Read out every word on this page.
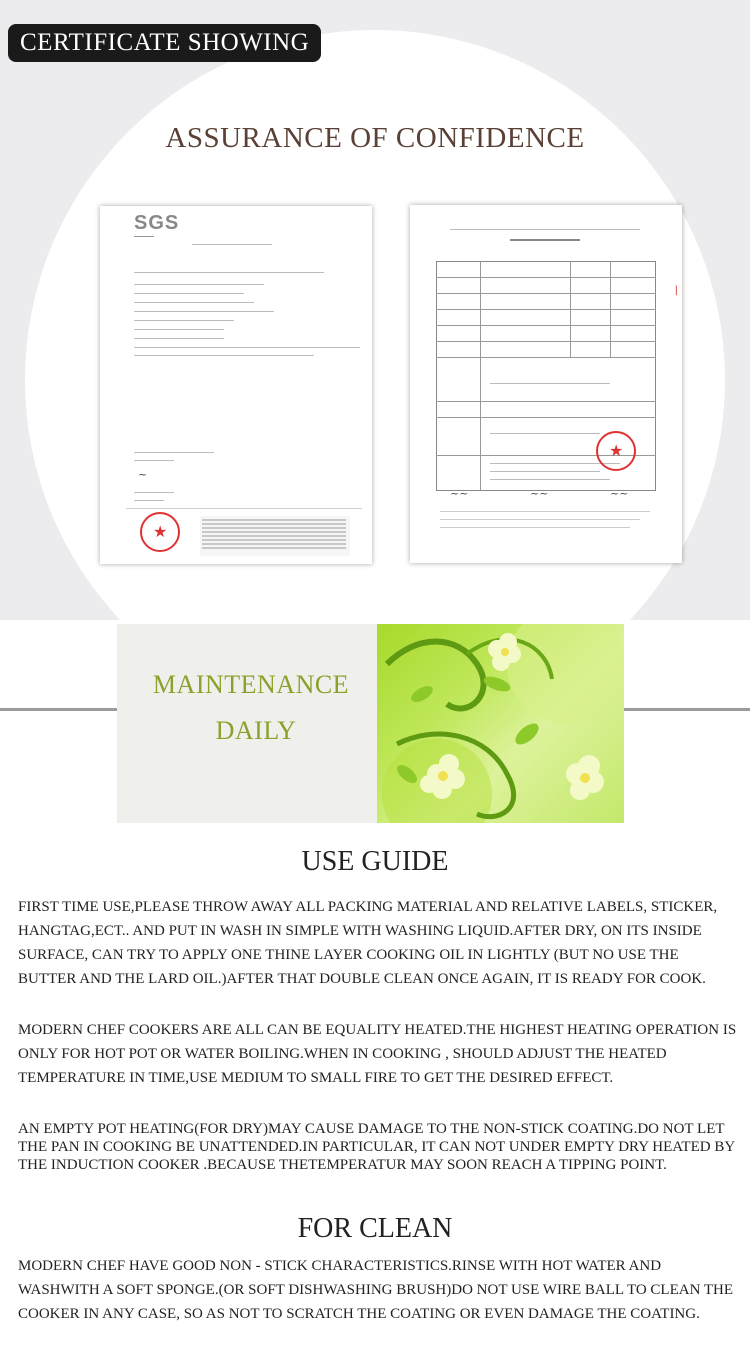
CERTIFICATE SHOWING
ASSURANCE OF CONFIDENCE
SGS
~
★
|
★
~~	~~	~~
MAINTENANCE
DAILY
USE GUIDE
FIRST TIME USE,PLEASE THROW AWAY ALL PACKING MATERIAL AND RELATIVE LABELS, STICKER, HANGTAG,ECT.. AND PUT IN WASH IN SIMPLE WITH WASHING LIQUID.AFTER DRY, ON ITS INSIDE SURFACE, CAN TRY TO APPLY ONE THINE LAYER COOKING OIL IN LIGHTLY (BUT NO USE THE BUTTER AND THE LARD OIL.)AFTER THAT DOUBLE CLEAN ONCE AGAIN, IT IS READY FOR COOK.
MODERN CHEF COOKERS ARE ALL CAN BE EQUALITY HEATED.THE HIGHEST HEATING OPERATION IS ONLY FOR HOT POT OR WATER BOILING.WHEN IN COOKING , SHOULD ADJUST THE HEATED TEMPERATURE IN TIME,USE MEDIUM TO SMALL FIRE TO GET THE DESIRED EFFECT.
AN EMPTY POT HEATING(FOR DRY)MAY CAUSE DAMAGE TO THE NON-STICK COATING.DO NOT LET THE PAN IN COOKING BE UNATTENDED.IN PARTICULAR, IT CAN NOT UNDER EMPTY DRY HEATED BY THE INDUCTION COOKER .BECAUSE THETEMPERATUR MAY SOON REACH A TIPPING POINT.
FOR CLEAN
MODERN CHEF HAVE GOOD NON - STICK CHARACTERISTICS.RINSE WITH HOT WATER AND WASHWITH A SOFT SPONGE.(OR SOFT DISHWASHING BRUSH)DO NOT USE WIRE BALL TO CLEAN THE COOKER IN ANY CASE, SO AS NOT TO SCRATCH THE COATING OR EVEN DAMAGE THE COATING.
